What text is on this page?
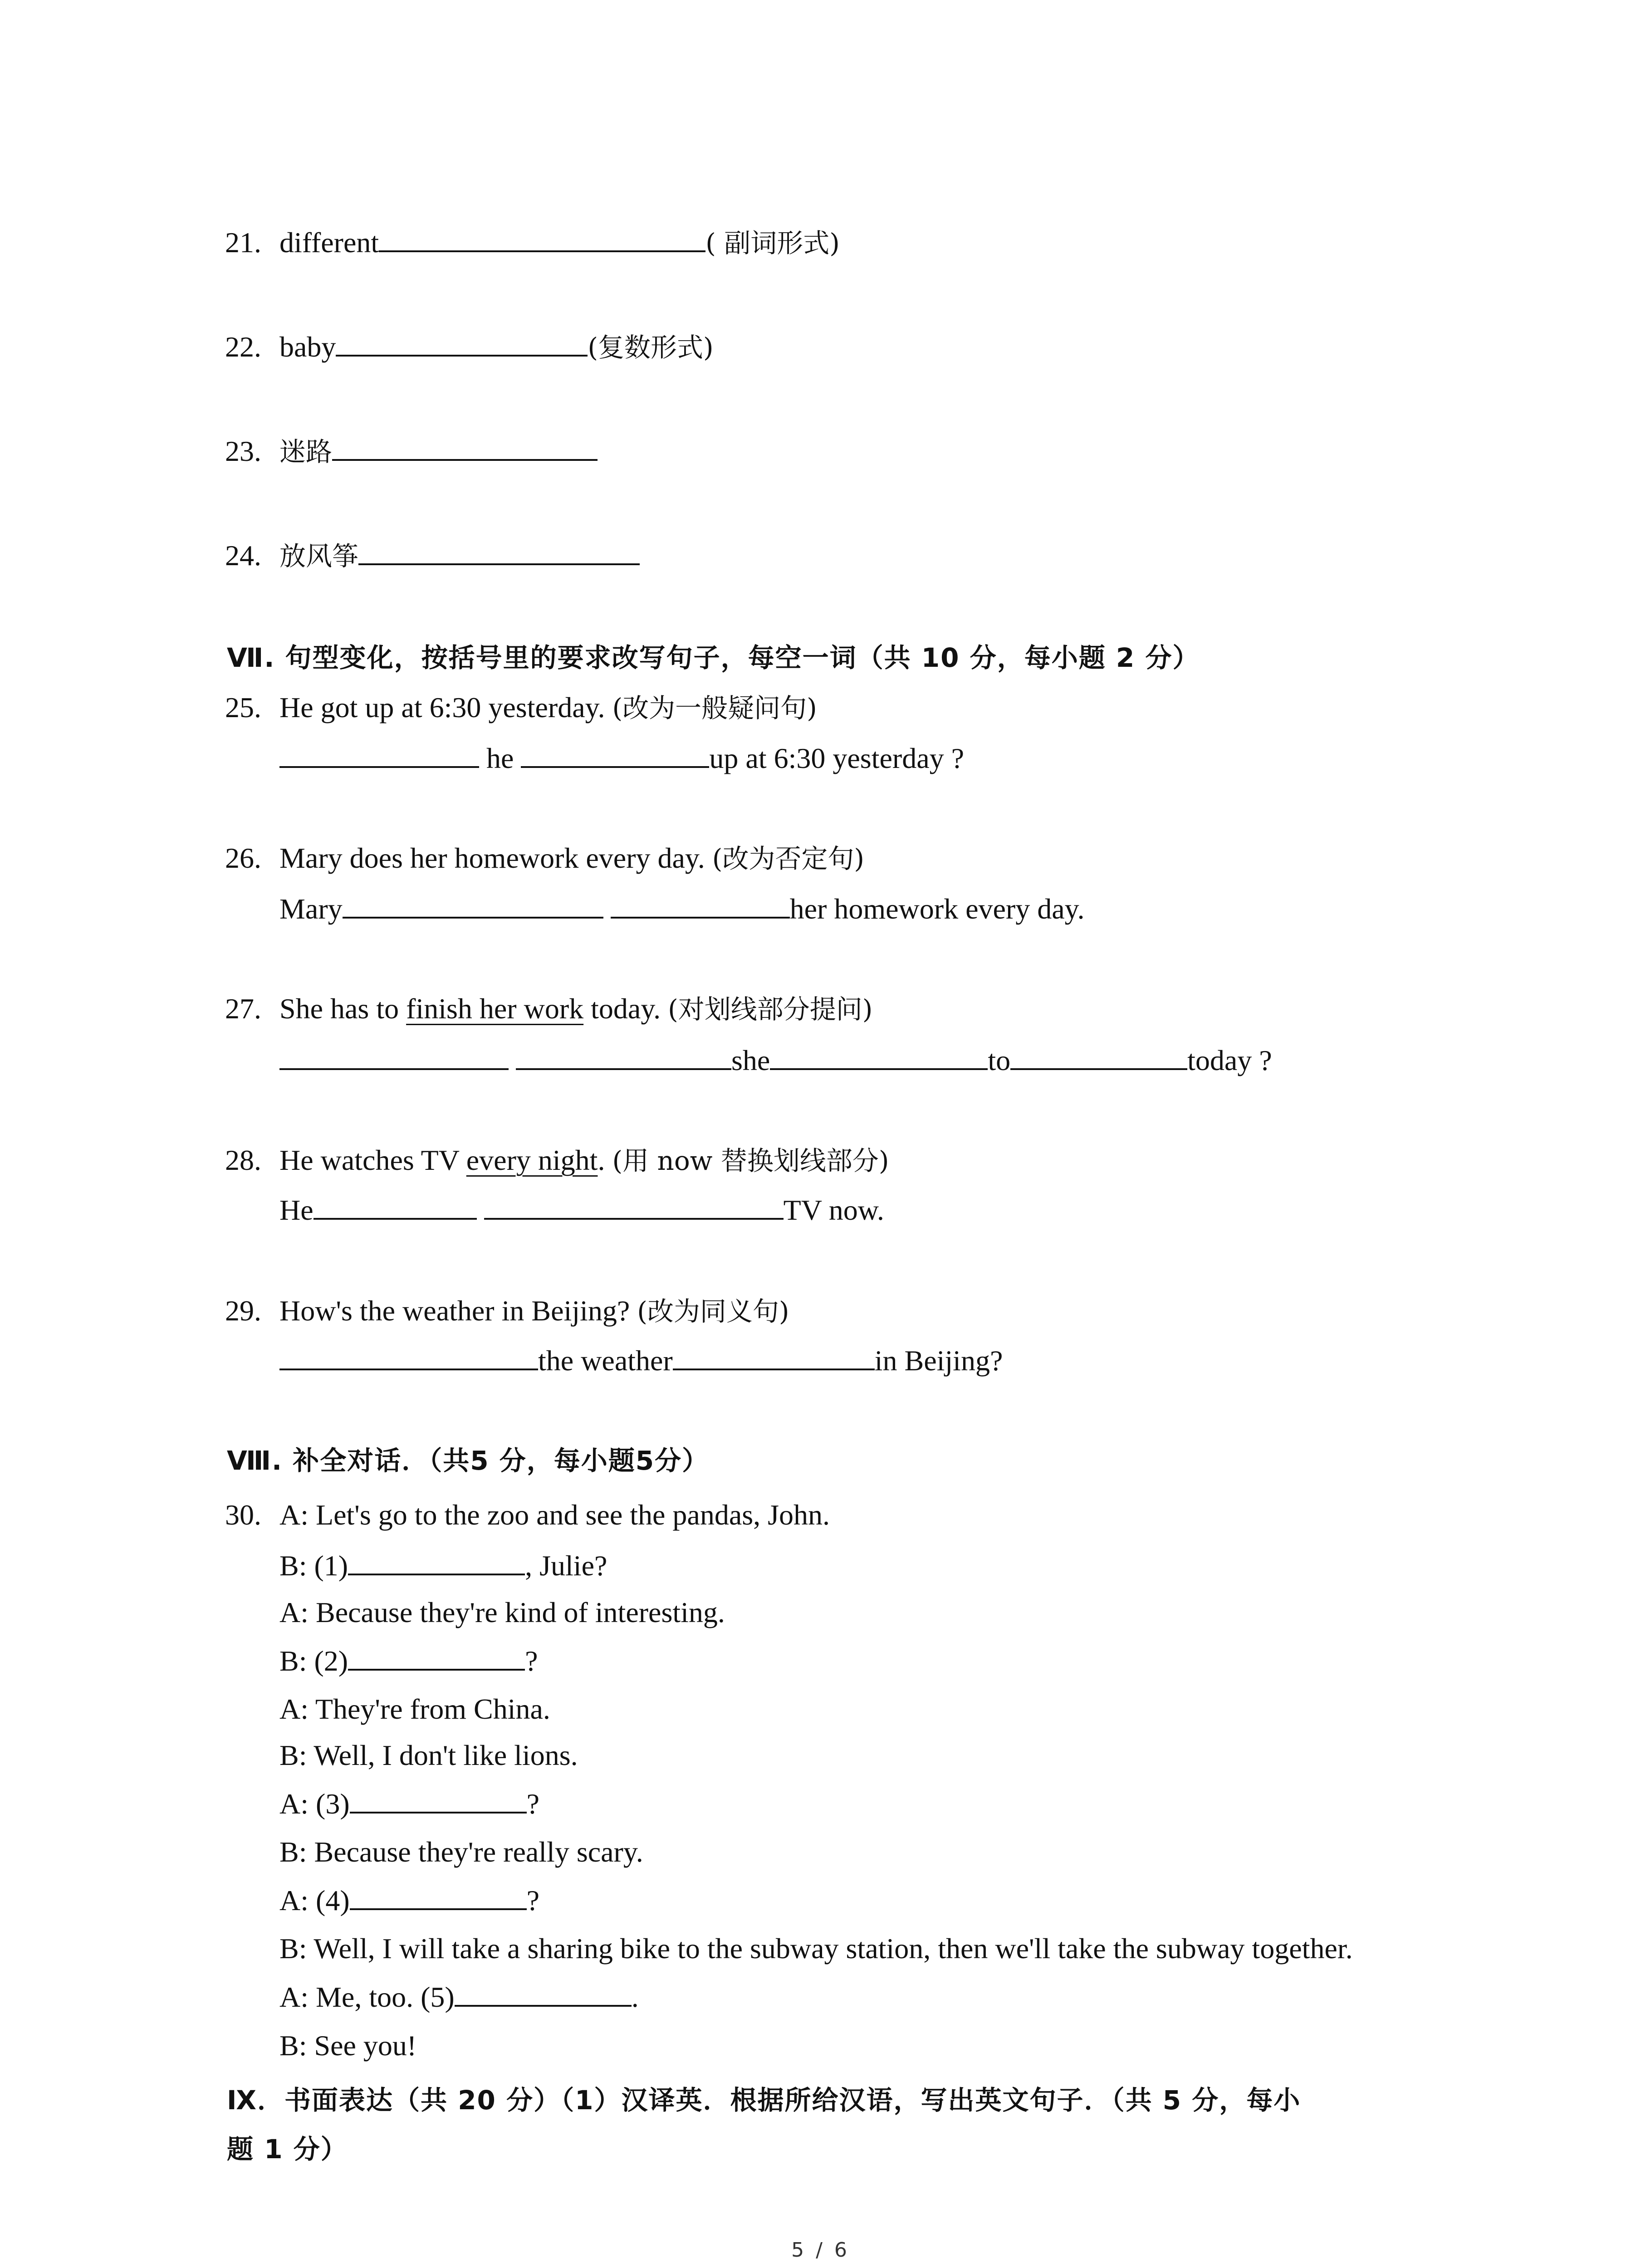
21. different	( 副词形式)
22. baby	(复数形式)
23. 迷路
24. 放风筝
Ⅶ. 句型变化，按括号里的要求改写句子，每空一词（共 10 分，每小题 2 分）
25. He got up at 6:30 yesterday. (改为一般疑问句)
he	up at 6:30 yesterday ?
26. Mary does her homework every day. (改为否定句)
Mary	her homework every day.
27. She has to finish her work today. (对划线部分提问)
she	to	today ?
28. He watches TV every night. (用 now 替换划线部分)
He	TV now.
29. How's the weather in Beijing? (改为同义句)
the weather	in Beijing?
Ⅷ. 补全对话．（共5 分，每小题5分）
30. A: Let's go to the zoo and see the pandas, John.
B: (1)	, Julie?
A: Because they're kind of interesting.
B: (2)	?
A: They're from China.
B: Well, I don't like lions.
A: (3)	?
B: Because they're really scary.
A: (4)	?
B: Well, I will take a sharing bike to the subway station, then we'll take the subway together.
A: Me, too. (5)	.
B: See you!
Ⅸ．书面表达（共 20 分）（1）汉译英．根据所给汉语，写出英文句子．（共 5 分，每小
题 1 分）
5 / 6
